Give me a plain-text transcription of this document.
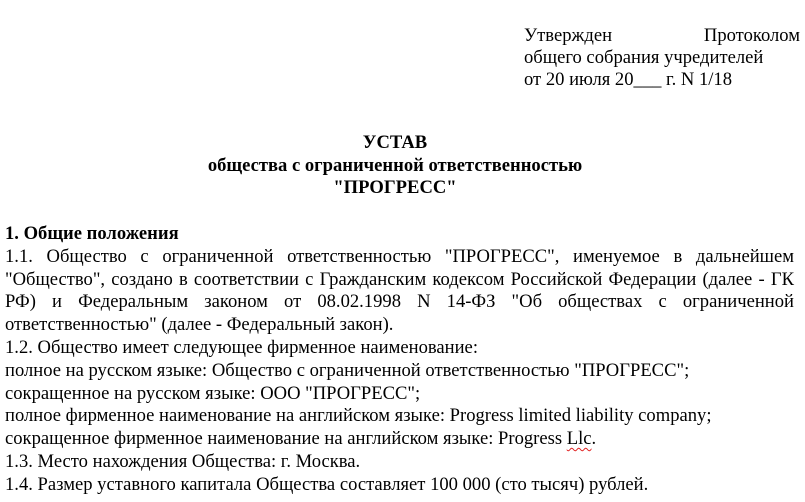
Утвержден	Протоколом
общего собрания учредителей
от 20 июля 20___ г. N 1/18
УСТАВ
общества с ограниченной ответственностью
"ПРОГРЕСС"
1. Общие положения
1.1. Общество с ограниченной ответственностью "ПРОГРЕСС", именуемое в дальнейшем "Общество", создано в соответствии с Гражданским кодексом Российской Федерации (далее - ГК РФ) и Федеральным законом от 08.02.1998 N 14-ФЗ "Об обществах с ограниченной ответственностью" (далее - Федеральный закон).
1.2. Общество имеет следующее фирменное наименование:
полное на русском языке: Общество с ограниченной ответственностью "ПРОГРЕСС";
сокращенное на русском языке: ООО "ПРОГРЕСС";
полное фирменное наименование на английском языке: Progress limited liability company;
сокращенное фирменное наименование на английском языке: Progress Llc.
1.3. Место нахождения Общества: г. Москва.
1.4. Размер уставного капитала Общества составляет 100 000 (сто тысяч) рублей.
